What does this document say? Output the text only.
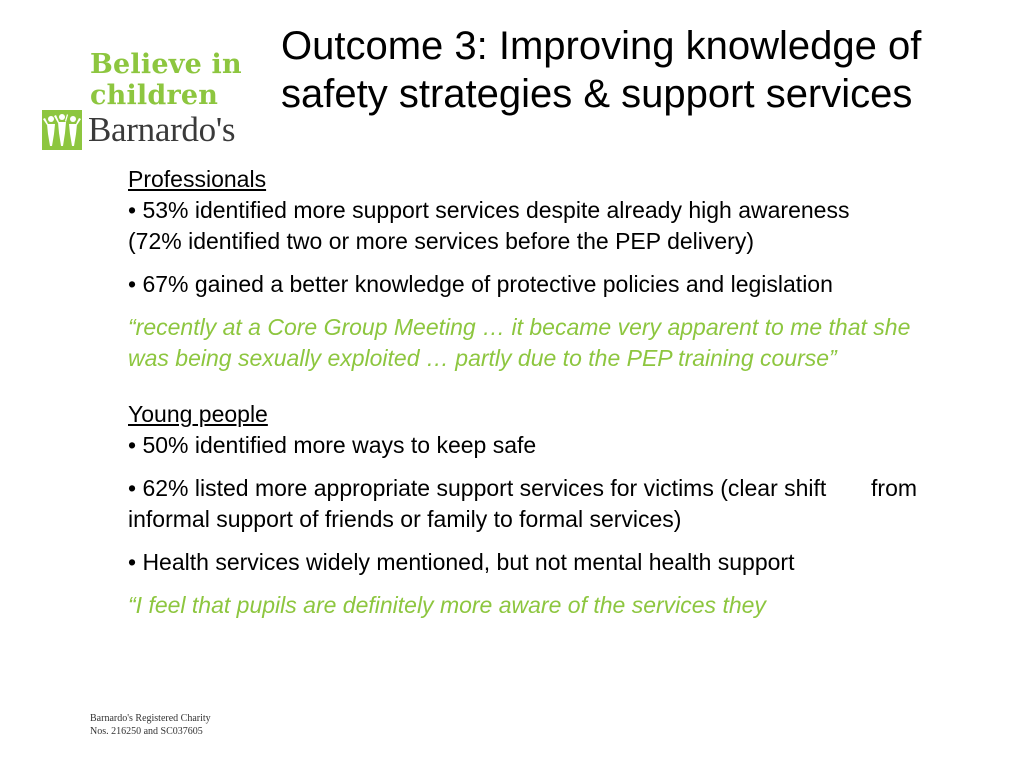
Believe in
children
Barnardo's
Outcome 3: Improving knowledge of safety strategies & support services
Professionals

• 53% identified more support services despite already high awareness        (72% identified two or more services before the PEP delivery)

• 67% gained a better knowledge of protective policies and legislation

“recently at a Core Group Meeting … it became very apparent to me that she was being sexually exploited … partly due to the PEP training course”

Young people

• 50% identified more ways to keep safe

• 62% listed more appropriate support services for victims (clear shift       from informal support of friends or family to formal services)

• Health services widely mentioned, but not mental health support

“I feel that pupils are definitely more aware of the services they

Barnardo's Registered Charity
Nos. 216250 and SC037605
